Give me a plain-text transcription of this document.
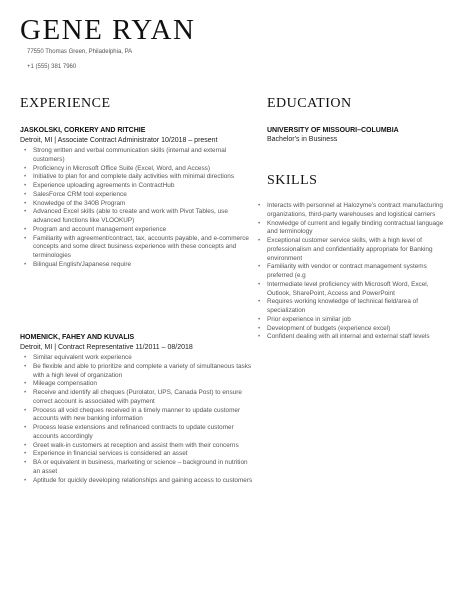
GENE RYAN
77550 Thomas Green, Philadelphia, PA
+1 (555) 381 7960
EXPERIENCE
JASKOLSKI, CORKERY AND RITCHIE
Detroit, MI | Associate Contract Administrator 10/2018 – present
• Strong written and verbal communication skills (internal and external customers)
• Proficiency in Microsoft Office Suite (Excel, Word, and Access)
• Initiative to plan for and complete daily activities with minimal directions
• Experience uploading agreements in ContractHub
• SalesForce CRM tool experience
• Knowledge of the 340B Program
• Advanced Excel skills (able to create and work with Pivot Tables, use advanced functions like VLOOKUP)
• Program and account management experience
• Familiarity with agreement/contract, tax, accounts payable, and e-commerce concepts and some direct business experience with these concepts and terminologies
• Bilingual English/Japanese require
HOMENICK, FAHEY AND KUVALIS
Detroit, MI | Contract Representative 11/2011 – 08/2018
• Similar equivalent work experience
• Be flexible and able to prioritize and complete a variety of simultaneous tasks with a high level of organization
• Mileage compensation
• Receive and identify all cheques (Purolator, UPS, Canada Post) to ensure correct account is associated with payment
• Process all void cheques received in a timely manner to update customer accounts with new banking information
• Process lease extensions and refinanced contracts to update customer accounts accordingly
• Greet walk-in customers at reception and assist them with their concerns
• Experience in financial services is considered an asset
• BA or equivalent in business, marketing or science – background in nutrition an asset
• Aptitude for quickly developing relationships and gaining access to customers
EDUCATION
UNIVERSITY OF MISSOURI–COLUMBIA
Bachelor's in Business
SKILLS
• Interacts with personnel at Halozyme's contract manufacturing organizations, third-party warehouses and logistical carriers
• Knowledge of current and legally binding contractual language and terminology
• Exceptional customer service skills, with a high level of professionalism and confidentiality appropriate for Banking environment
• Familiarity with vendor or contract management systems preferred (e.g
• Intermediate level proficiency with Microsoft Word, Excel, Outlook, SharePoint, Access and PowerPoint
• Requires working knowledge of technical field/area of specialization
• Prior experience in similar job
• Development of budgets (experience excel)
• Confident dealing with all internal and external staff levels
